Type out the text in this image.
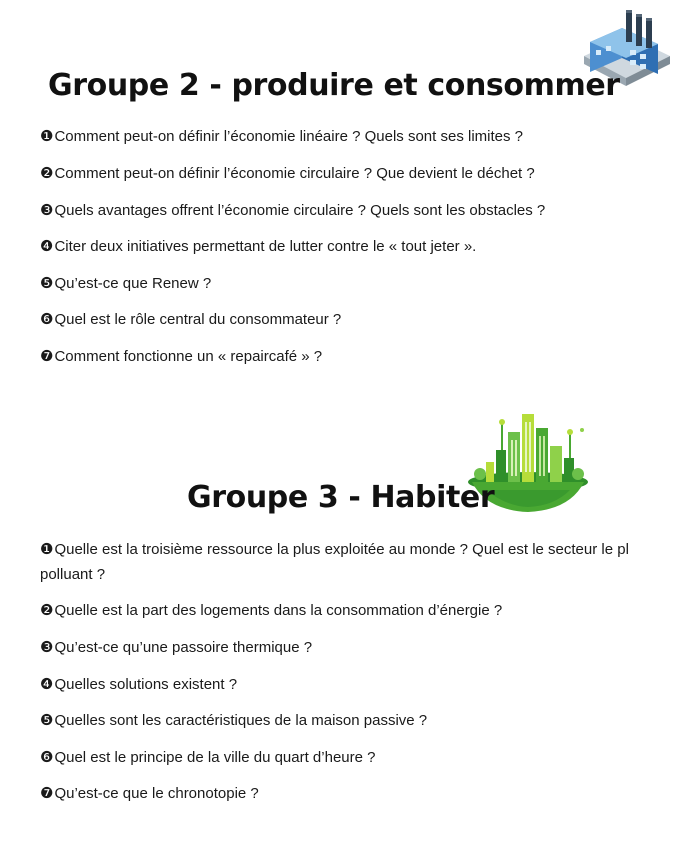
Groupe 2 - produire et consommer
❶Comment peut-on définir l’économie linéaire ? Quels sont ses limites ?
❷Comment peut-on définir l’économie circulaire ? Que devient le déchet ?
❸Quels avantages offrent l’économie circulaire ? Quels sont les obstacles ?
❹Citer deux initiatives permettant de lutter contre le « tout jeter ».
❺Qu’est-ce que Renew ?
❻Quel est le rôle central du consommateur ?
❼Comment fonctionne un « repaircafé » ?
Groupe 3 - Habiter
❶Quelle est la troisième ressource la plus exploitée au monde ? Quel est le secteur le pl
polluant ?
❷Quelle est la part des logements dans la consommation d’énergie ?
❸Qu’est-ce qu’une passoire thermique ?
❹Quelles solutions existent ?
❺Quelles sont les caractéristiques de la maison passive ?
❻Quel est le principe de la ville du quart d’heure ?
❼Qu’est-ce que le chronotopie ?
